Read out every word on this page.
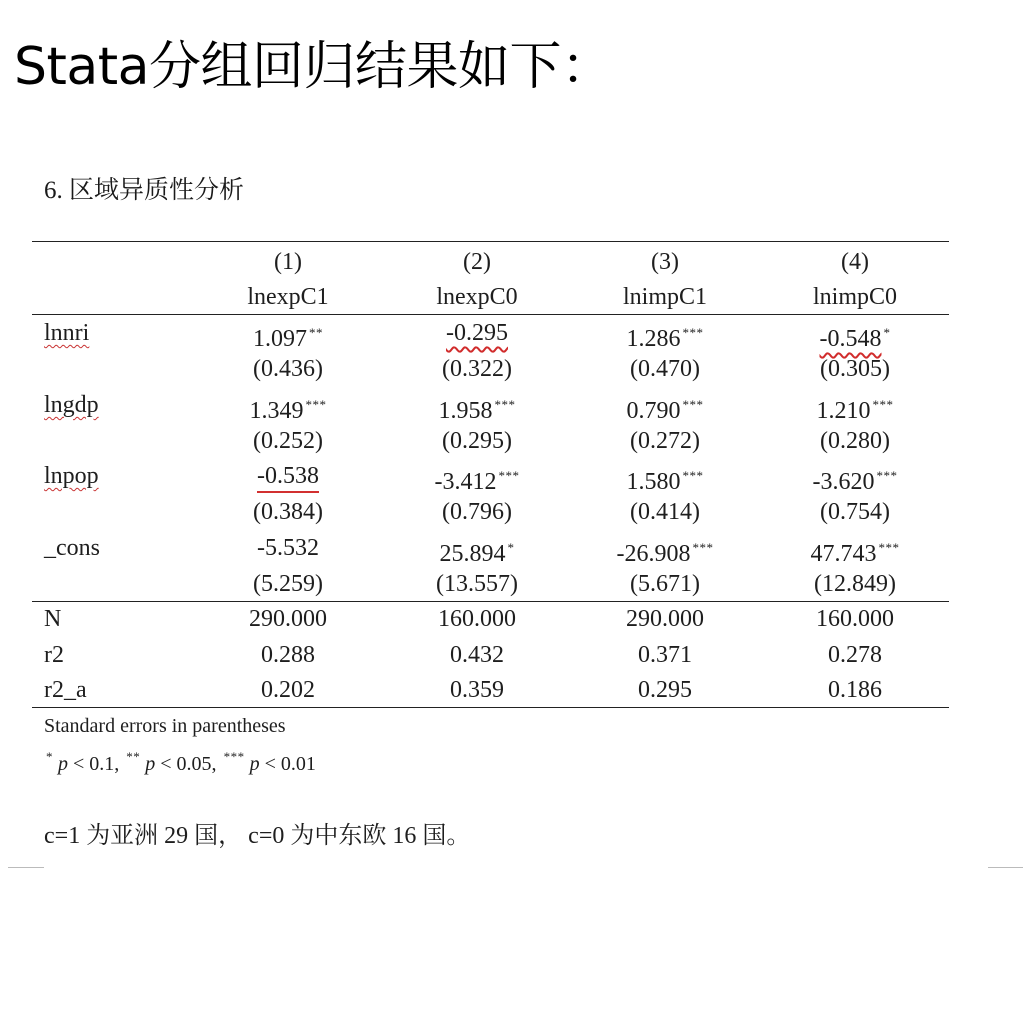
Stata分组回归结果如下：
6. 区域异质性分析
(1)	(2)	(3)	(4)
lnexpC1	lnexpC0	lnimpC1	lnimpC0
lnnri	1.097 **	-0.295	1.286 ***	-0.548 *
(0.436)	(0.322)	(0.470)	(0.305)
lngdp	1.349 ***	1.958 ***	0.790 ***	1.210 ***
(0.252)	(0.295)	(0.272)	(0.280)
lnpop	-0.538	-3.412 ***	1.580 ***	-3.620 ***
(0.384)	(0.796)	(0.414)	(0.754)
_cons	-5.532	25.894 *	-26.908 ***	47.743 ***
(5.259)	(13.557)	(5.671)	(12.849)
N	290.000	160.000	290.000	160.000
r2	0.288	0.432	0.371	0.278
r2_a	0.202	0.359	0.295	0.186
Standard errors in parentheses
* p < 0.1, ** p < 0.05, *** p < 0.01
c=1 为亚洲 29 国， c=0 为中东欧 16 国。
